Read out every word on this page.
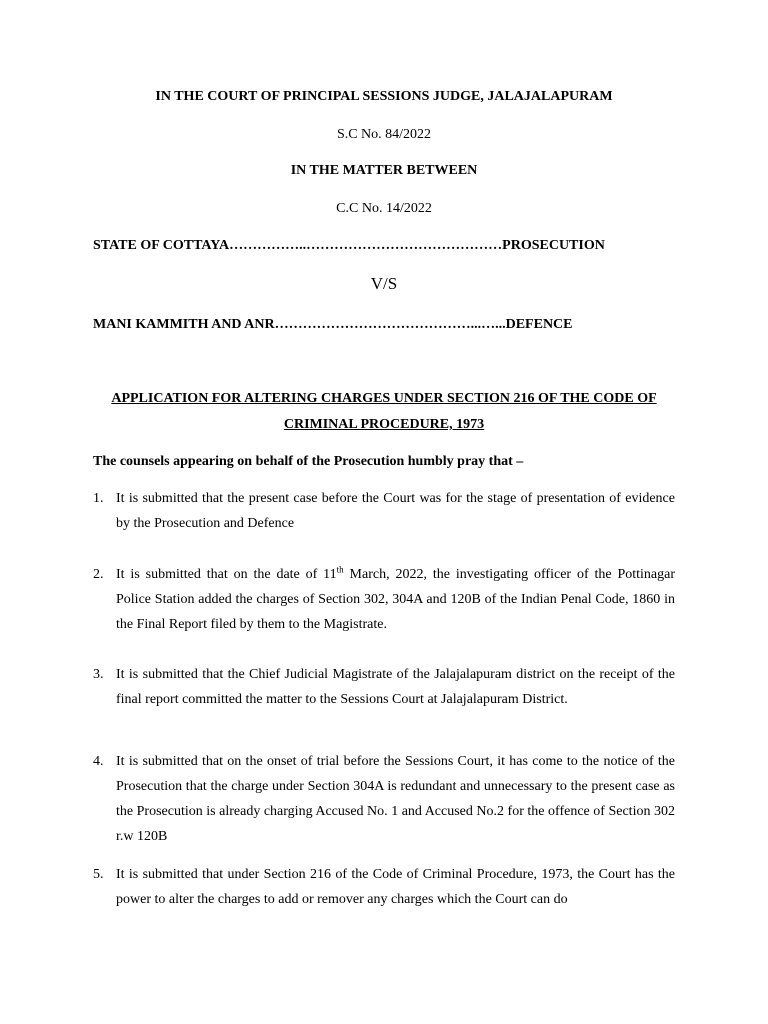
IN THE COURT OF PRINCIPAL SESSIONS JUDGE, JALAJALAPURAM
S.C No. 84/2022
IN THE MATTER BETWEEN
C.C No. 14/2022
STATE OF COTTAYA……………..……………………………………PROSECUTION
V/S
MANI KAMMITH AND ANR……………………………………...…...DEFENCE
APPLICATION FOR ALTERING CHARGES UNDER SECTION 216 OF THE CODE OF CRIMINAL PROCEDURE, 1973
The counsels appearing on behalf of the Prosecution humbly pray that –
1. It is submitted that the present case before the Court was for the stage of presentation of evidence by the Prosecution and Defence
2. It is submitted that on the date of 11th March, 2022, the investigating officer of the Pottinagar Police Station added the charges of Section 302, 304A and 120B of the Indian Penal Code, 1860 in the Final Report filed by them to the Magistrate.
3. It is submitted that the Chief Judicial Magistrate of the Jalajalapuram district on the receipt of the final report committed the matter to the Sessions Court at Jalajalapuram District.
4. It is submitted that on the onset of trial before the Sessions Court, it has come to the notice of the Prosecution that the charge under Section 304A is redundant and unnecessary to the present case as the Prosecution is already charging Accused No. 1 and Accused No.2 for the offence of Section 302 r.w 120B
5. It is submitted that under Section 216 of the Code of Criminal Procedure, 1973, the Court has the power to alter the charges to add or remover any charges which the Court can do
